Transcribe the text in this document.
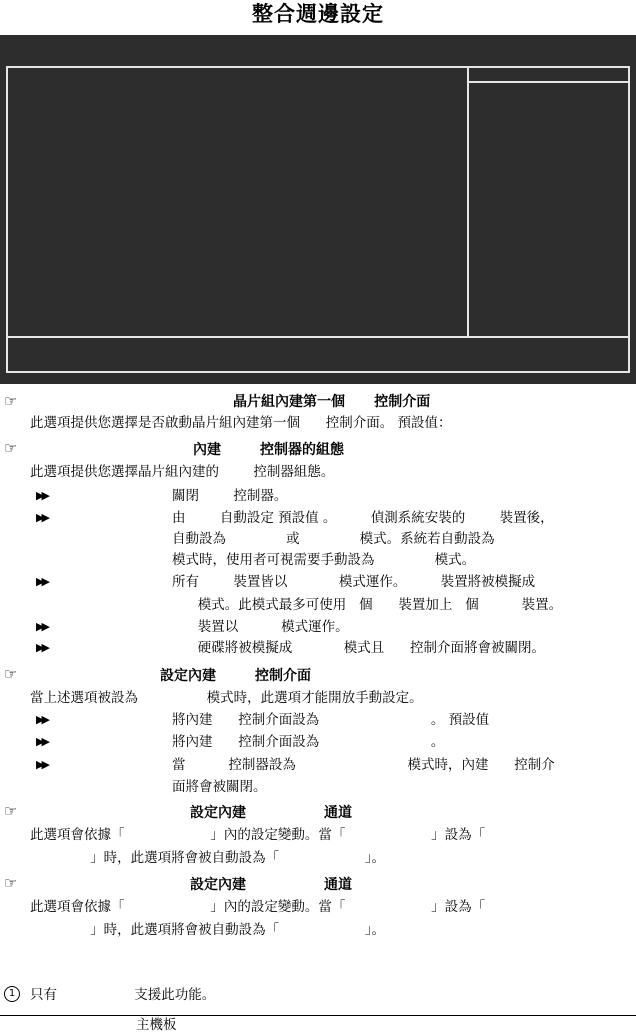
整合週邊設定
☞	晶片組內建第一個      控制介面
此選項提供您選擇是否啟動晶片組內建第一個      控制介面。 預設值：
☞	內建        控制器的組態
此選項提供您選擇晶片組內建的        控制器組態。
▶▶	關閉        控制器。
▶▶	由        自動設定 預設值 。        偵測系統安裝的        裝置後，
自動設為              或              模式。系統若自動設為
模式時，使用者可視需要手動設為              模式。
▶▶	所有        裝置皆以            模式運作。        裝置將被模擬成
模式。此模式最多可使用   個      裝置加上   個          裝置。
▶▶	裝置以          模式運作。
▶▶	硬碟將被模擬成            模式且      控制介面將會被關閉。
☞	設定內建        控制介面
當上述選項被設為                模式時，此選項才能開放手動設定。
▶▶	將內建      控制介面設為                          。 預設值
▶▶	將內建      控制介面設為                          。
▶▶	當          控制器設為                          模式時，內建      控制介
面將會被關閉。
☞	設定內建                通道
此選項會依據「                    」內的設定變動。當「                    」設為「
」時，此選項將會被自動設為「                    」。
☞	設定內建                通道
此選項會依據「                    」內的設定變動。當「                    」設為「
」時，此選項將會被自動設為「                    」。
1	只有                  支援此功能。
主機板
